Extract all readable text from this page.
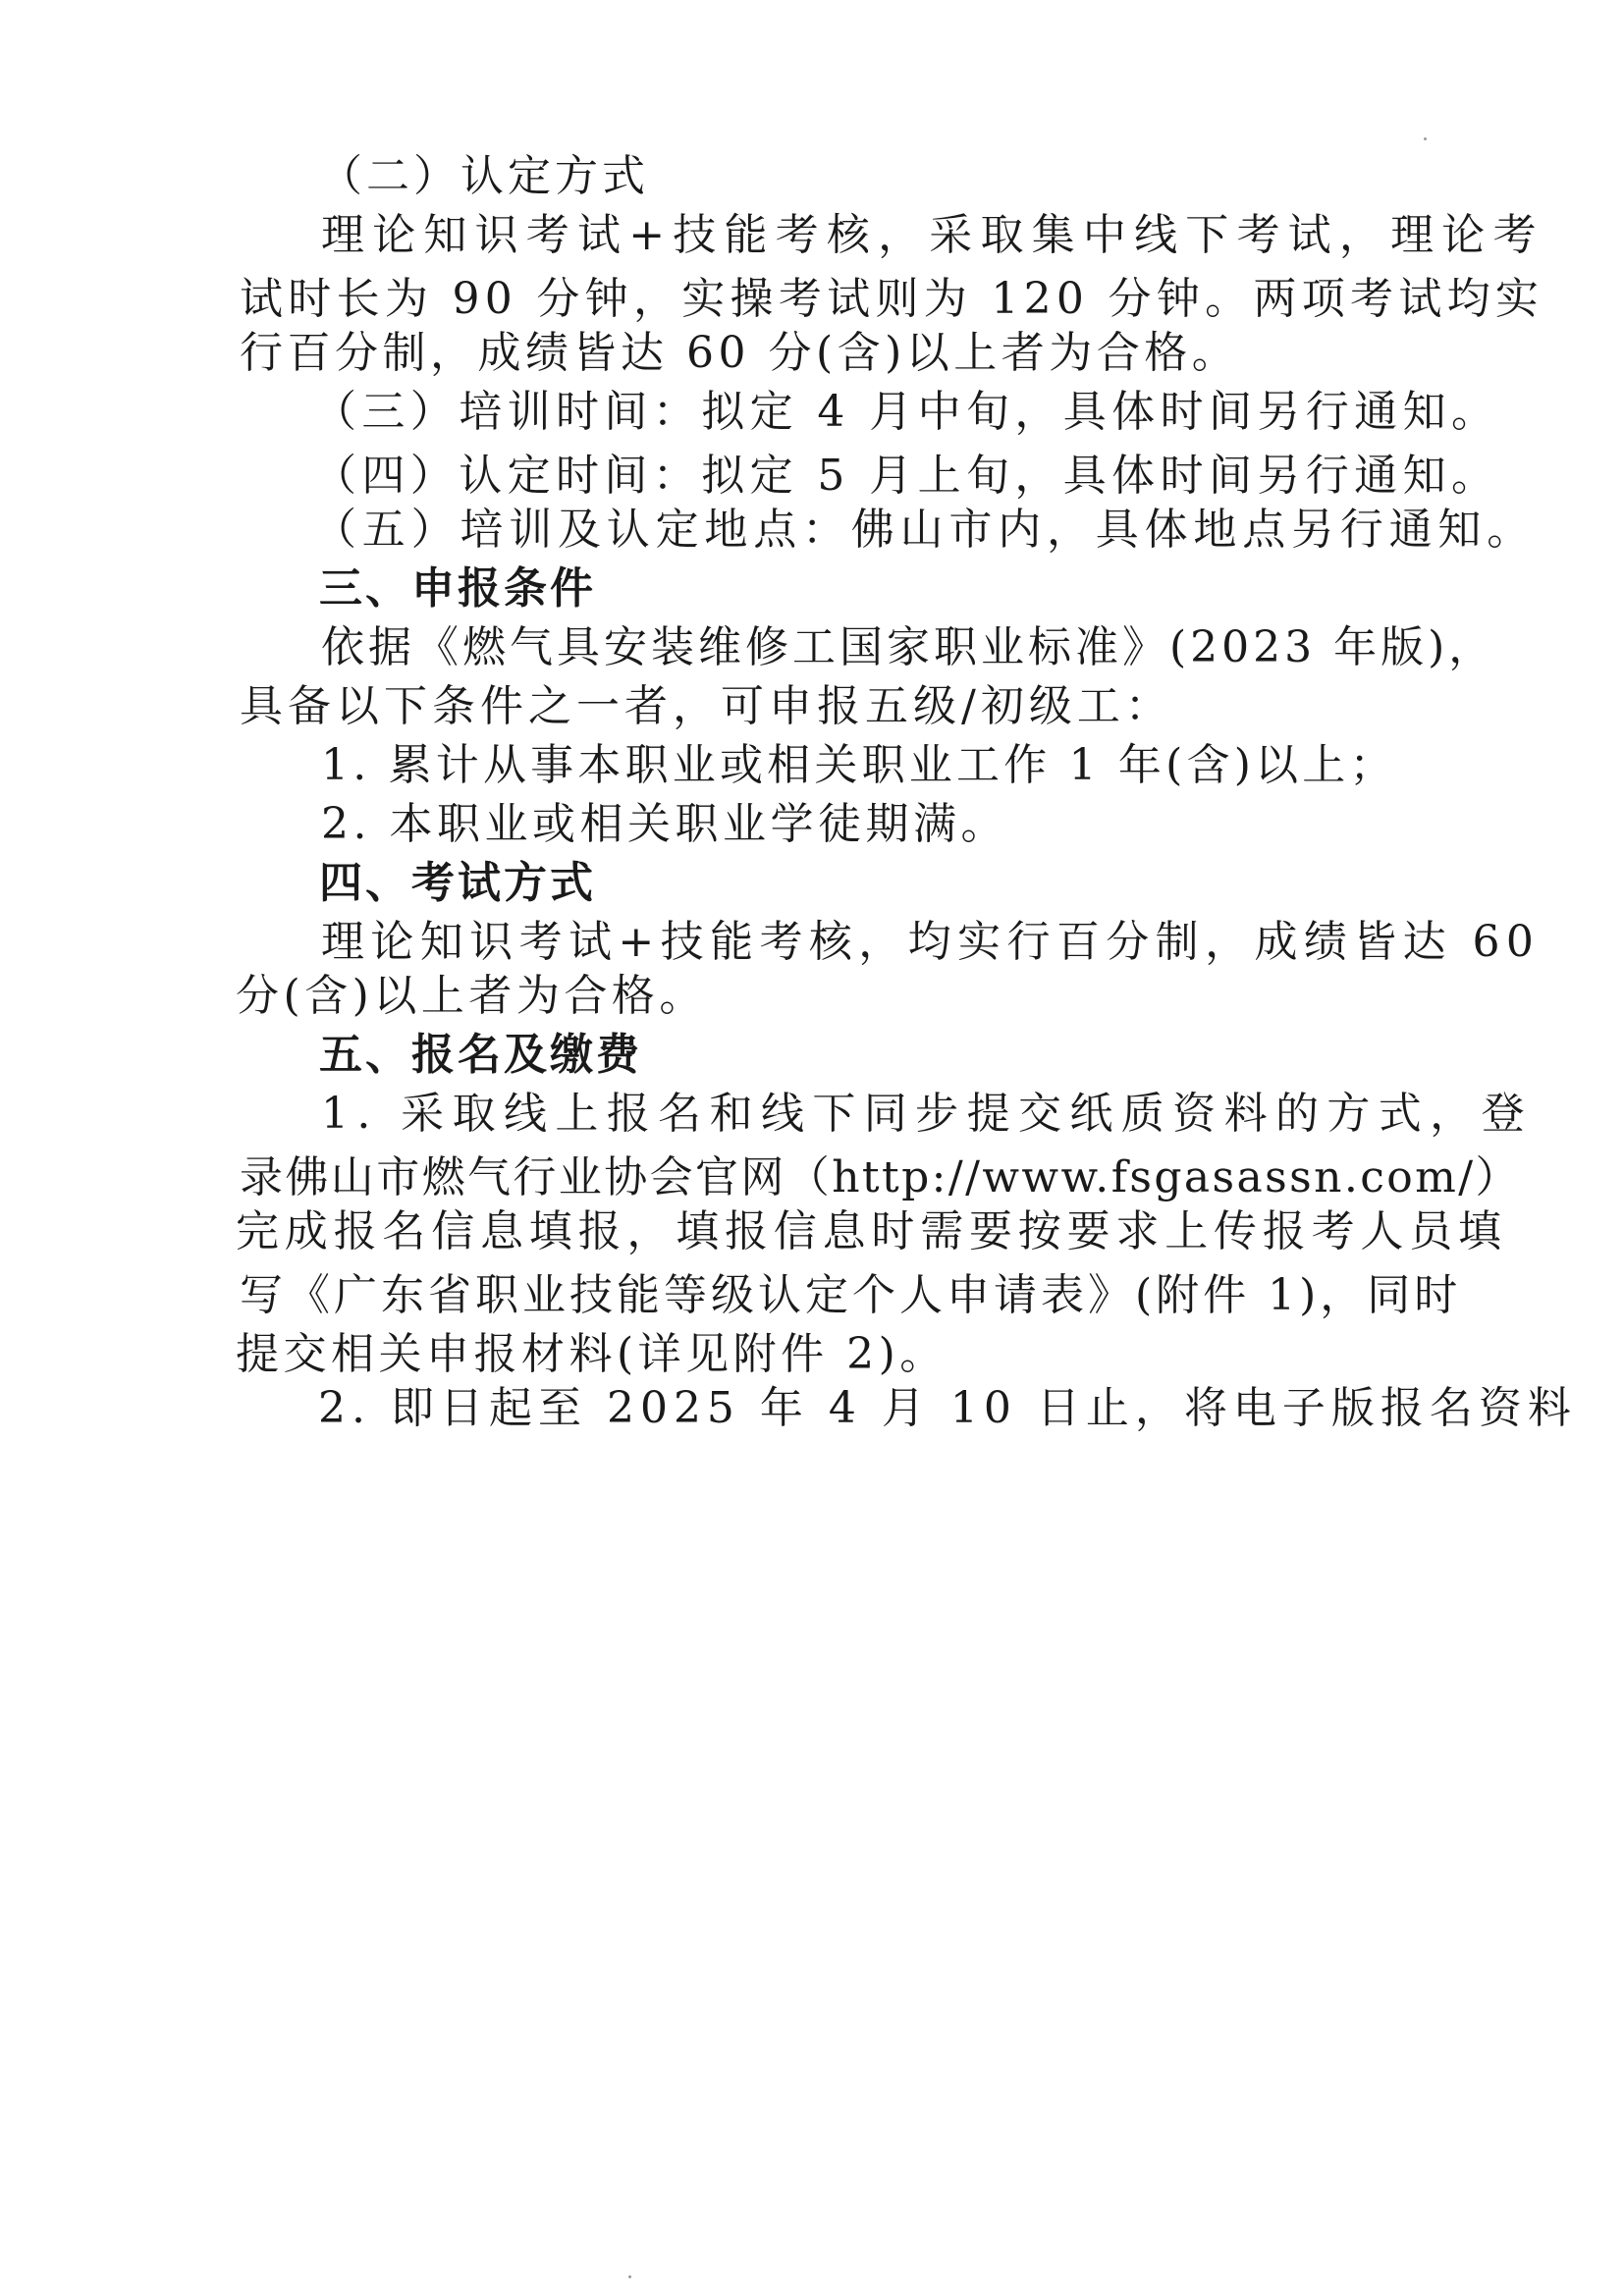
（二）认定方式
理论知识考试+技能考核，采取集中线下考试，理论考
试时长为 90 分钟，实操考试则为 120 分钟。两项考试均实
行百分制，成绩皆达 60 分(含)以上者为合格。
（三）培训时间：拟定 4 月中旬，具体时间另行通知。
（四）认定时间：拟定 5 月上旬，具体时间另行通知。
（五）培训及认定地点：佛山市内，具体地点另行通知。
三、申报条件
依据《燃气具安装维修工国家职业标准》(2023 年版)，
具备以下条件之一者，可申报五级/初级工：
1. 累计从事本职业或相关职业工作 1 年(含)以上；
2. 本职业或相关职业学徒期满。
四、考试方式
理论知识考试+技能考核，均实行百分制，成绩皆达 60
分(含)以上者为合格。
五、报名及缴费
1. 采取线上报名和线下同步提交纸质资料的方式，登
录佛山市燃气行业协会官网（http://www.fsgasassn.com/）
完成报名信息填报，填报信息时需要按要求上传报考人员填
写《广东省职业技能等级认定个人申请表》(附件 1)，同时
提交相关申报材料(详见附件 2)。
2. 即日起至 2025 年 4 月 10 日止，将电子版报名资料
